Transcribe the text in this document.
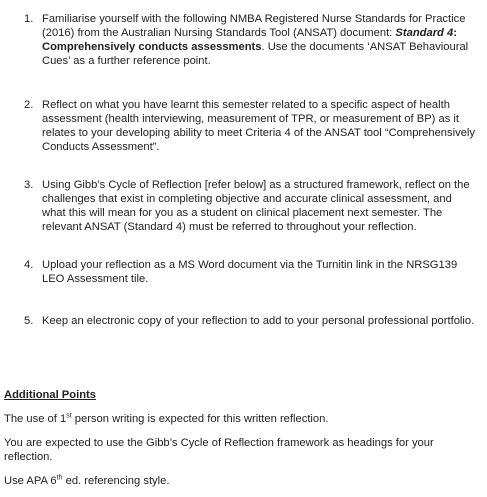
1. Familiarise yourself with the following NMBA Registered Nurse Standards for Practice (2016) from the Australian Nursing Standards Tool (ANSAT) document: Standard 4: Comprehensively conducts assessments. Use the documents ‘ANSAT Behavioural Cues’ as a further reference point.
2. Reflect on what you have learnt this semester related to a specific aspect of health assessment (health interviewing, measurement of TPR, or measurement of BP) as it relates to your developing ability to meet Criteria 4 of the ANSAT tool “Comprehensively Conducts Assessment”.
3. Using Gibb’s Cycle of Reflection [refer below] as a structured framework, reflect on the challenges that exist in completing objective and accurate clinical assessment, and what this will mean for you as a student on clinical placement next semester. The relevant ANSAT (Standard 4) must be referred to throughout your reflection.
4. Upload your reflection as a MS Word document via the Turnitin link in the NRSG139 LEO Assessment tile.
5. Keep an electronic copy of your reflection to add to your personal professional portfolio.
Additional Points
The use of 1st person writing is expected for this written reflection.
You are expected to use the Gibb’s Cycle of Reflection framework as headings for your reflection.
Use APA 6th ed. referencing style.
